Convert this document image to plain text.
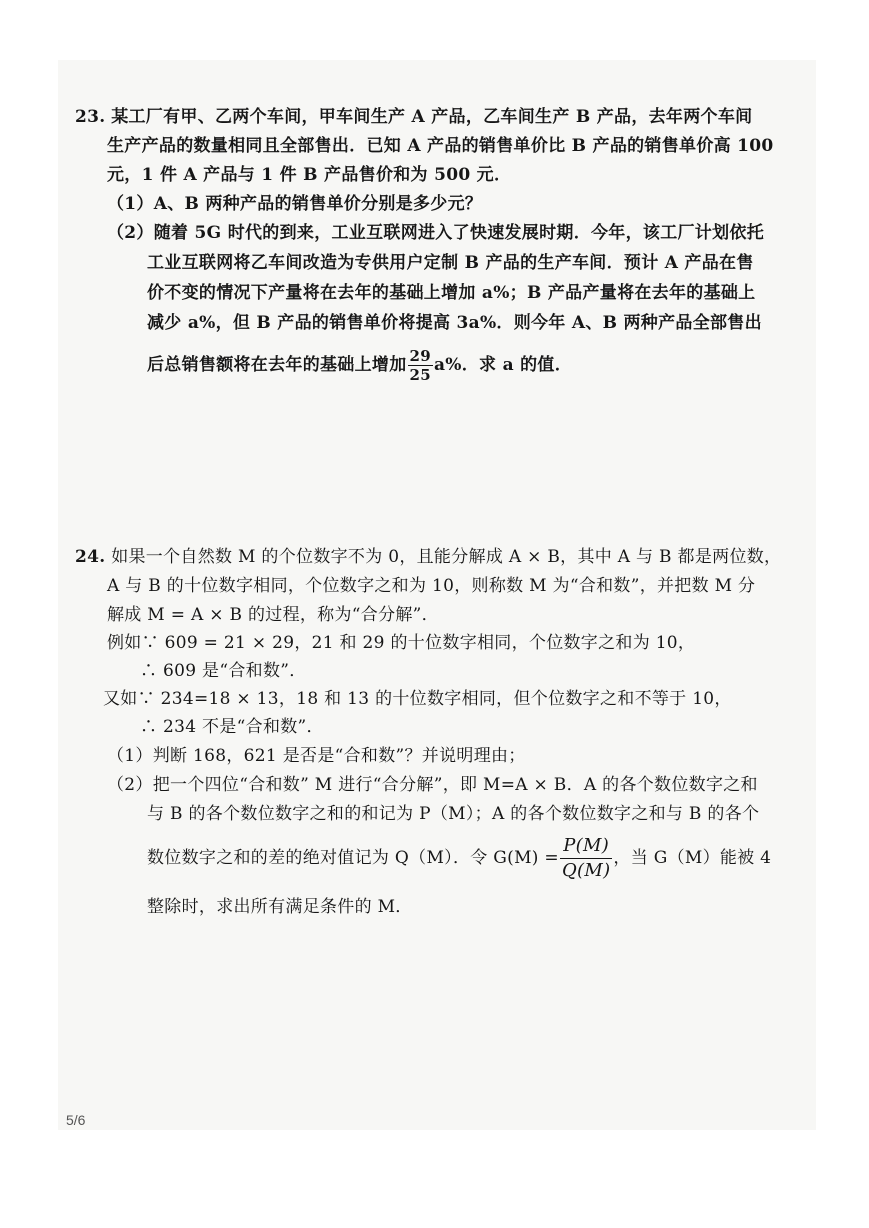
23. 某工厂有甲、乙两个车间，甲车间生产 A 产品，乙车间生产 B 产品，去年两个车间
生产产品的数量相同且全部售出．已知 A 产品的销售单价比 B 产品的销售单价高 100
元，1 件 A 产品与 1 件 B 产品售价和为 500 元．
（1）A、B 两种产品的销售单价分别是多少元？
（2）随着 5G 时代的到来，工业互联网进入了快速发展时期．今年，该工厂计划依托
工业互联网将乙车间改造为专供用户定制 B 产品的生产车间．预计 A 产品在售
价不变的情况下产量将在去年的基础上增加 a%；B 产品产量将在去年的基础上
减少 a%，但 B 产品的销售单价将提高 3a%．则今年 A、B 两种产品全部售出
后总销售额将在去年的基础上增加 $\frac{29}{25} a\%$．求 a 的值．
24. 如果一个自然数 M 的个位数字不为 0，且能分解成 A × B，其中 A 与 B 都是两位数，
A 与 B 的十位数字相同，个位数字之和为 10，则称数 M 为“合和数”，并把数 M 分
解成 M = A × B 的过程，称为“合分解”．
例如∵ 609 = 21 × 29，21 和 29 的十位数字相同，个位数字之和为 10，
∴ 609 是“合和数”．
又如∵ 234=18 × 13，18 和 13 的十位数字相同，但个位数字之和不等于 10，
∴ 234 不是“合和数”．
（1）判断 168，621 是否是“合和数”？并说明理由；
（2）把一个四位“合和数” M 进行“合分解”，即 M=A × B．A 的各个数位数字之和
与 B 的各个数位数字之和的和记为 P（M）；A 的各个数位数字之和与 B 的各个
数位数字之和的差的绝对值记为 Q（M）．令 $G(M) = \frac{P(M)}{Q(M)}$ ，当 G（M）能被 4
整除时，求出所有满足条件的 M．
5/6
